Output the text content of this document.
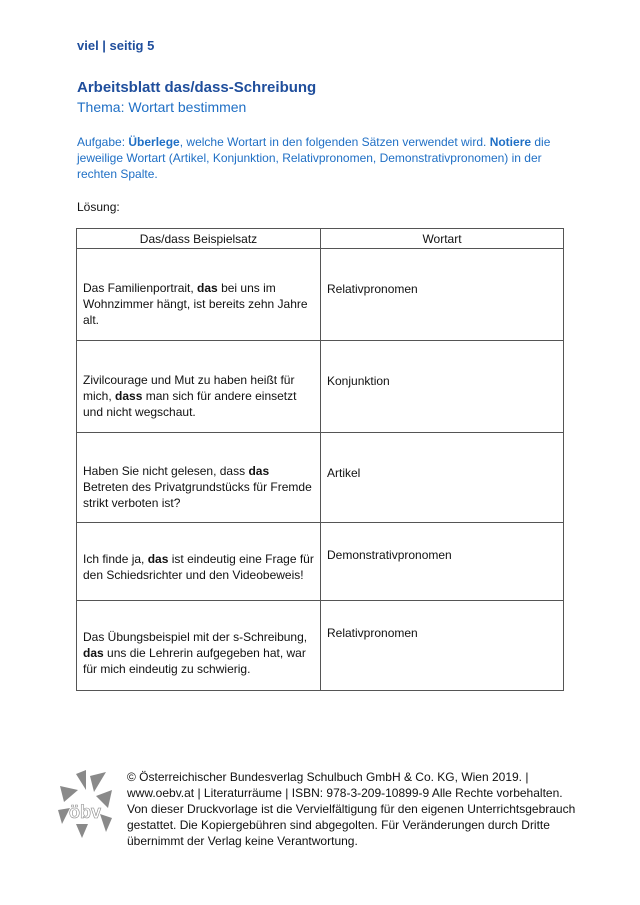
viel | seitig 5
Arbeitsblatt das/dass-Schreibung
Thema: Wortart bestimmen
Aufgabe: Überlege, welche Wortart in den folgenden Sätzen verwendet wird. Notiere die jeweilige Wortart (Artikel, Konjunktion, Relativpronomen, Demonstrativpronomen) in der rechten Spalte.
Lösung:
Das/dass Beispielsatz	Wortart
Das Familienportrait, das bei uns im Wohnzimmer hängt, ist bereits zehn Jahre alt.	Relativpronomen
Zivilcourage und Mut zu haben heißt für mich, dass man sich für andere einsetzt und nicht wegschaut.	Konjunktion
Haben Sie nicht gelesen, dass das Betreten des Privatgrundstücks für Fremde strikt verboten ist?	Artikel
Ich finde ja, das ist eindeutig eine Frage für den Schiedsrichter und den Videobeweis!	Demonstrativpronomen
Das Übungsbeispiel mit der s-Schreibung, das uns die Lehrerin aufgegeben hat, war für mich eindeutig zu schwierig.	Relativpronomen
öbv
© Österreichischer Bundesverlag Schulbuch GmbH & Co. KG, Wien 2019. | www.oebv.at | Literaturräume | ISBN: 978-3-209-10899-9 Alle Rechte vorbehalten. Von dieser Druckvorlage ist die Vervielfältigung für den eigenen Unterrichtsgebrauch gestattet. Die Kopiergebühren sind abgegolten. Für Veränderungen durch Dritte übernimmt der Verlag keine Verantwortung.
